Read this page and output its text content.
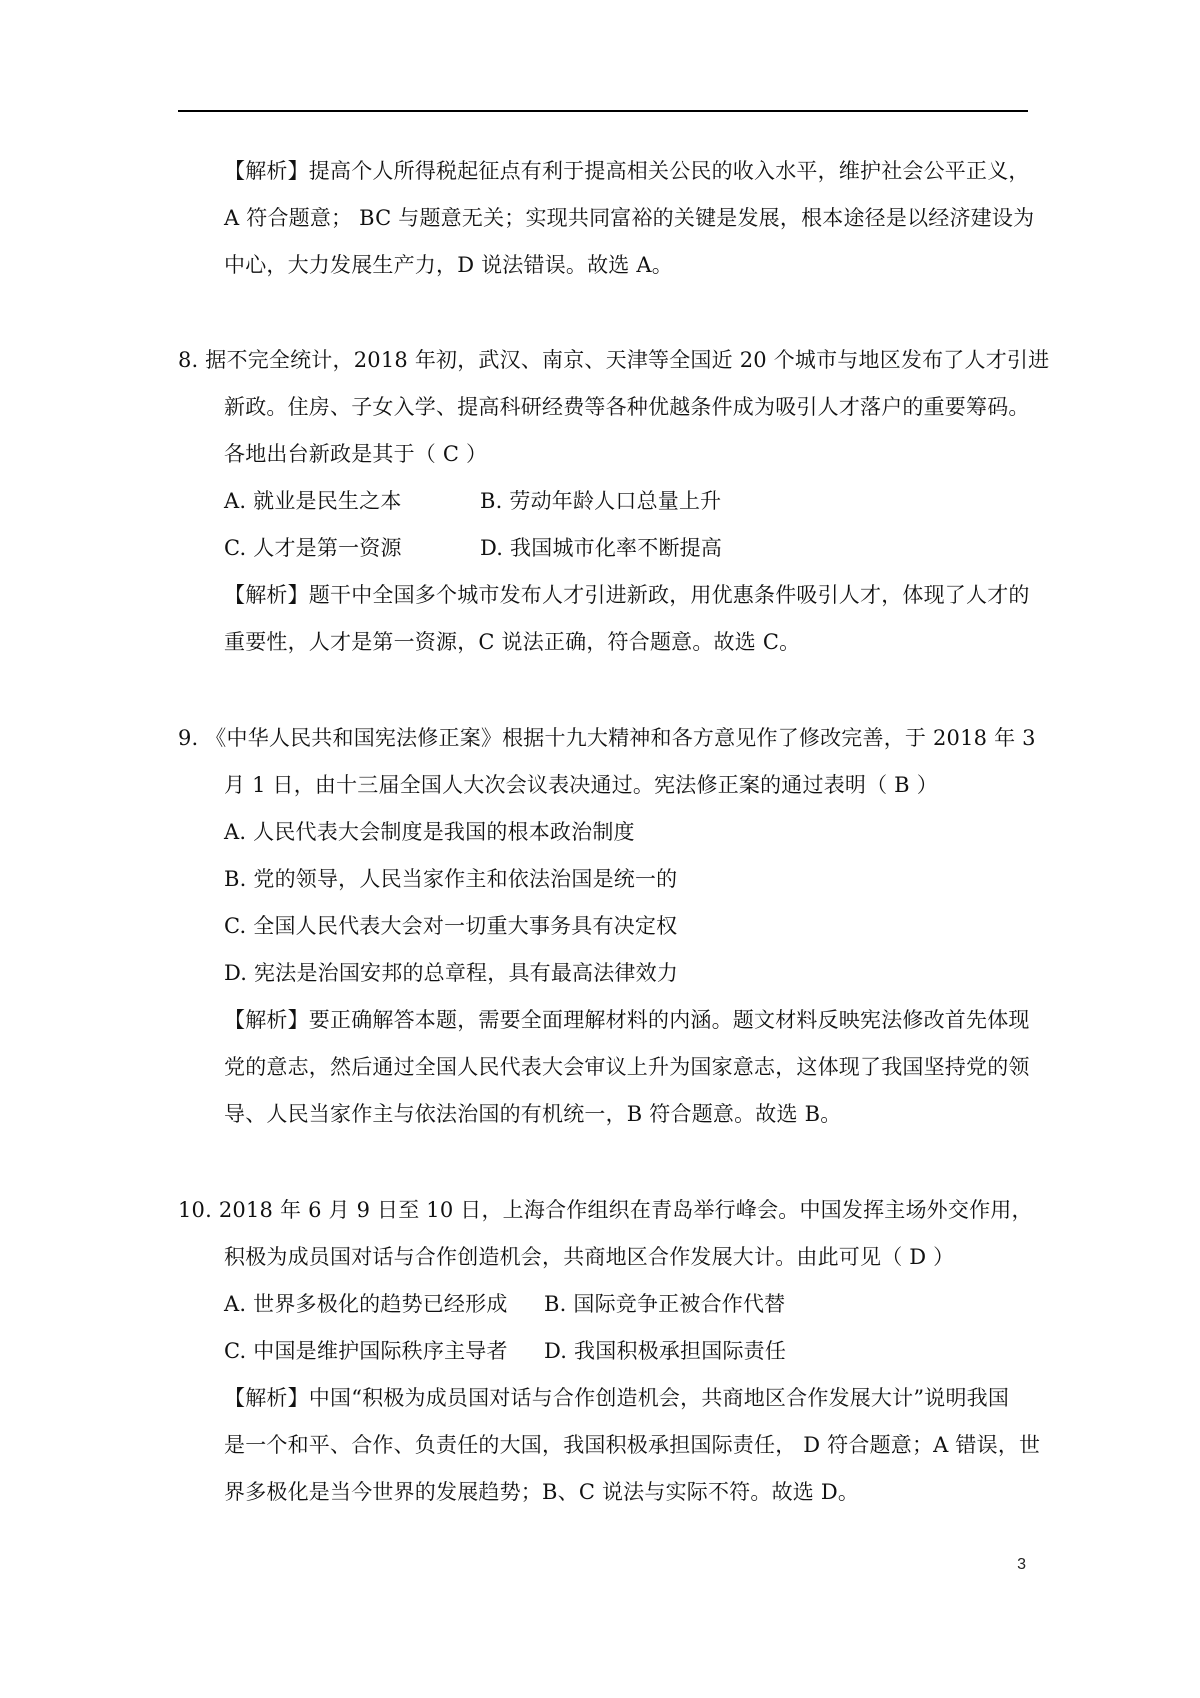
【解析】提高个人所得税起征点有利于提高相关公民的收入水平，维护社会公平正义，
A 符合题意； BC 与题意无关；实现共同富裕的关键是发展，根本途径是以经济建设为
中心，大力发展生产力，D 说法错误。故选 A。
8. 据不完全统计，2018 年初，武汉、南京、天津等全国近 20 个城市与地区发布了人才引进
新政。住房、子女入学、提高科研经费等各种优越条件成为吸引人才落户的重要筹码。
各地出台新政是其于（ C ）
A. 就业是民生之本	B. 劳动年龄人口总量上升
C. 人才是第一资源	D. 我国城市化率不断提高
【解析】题干中全国多个城市发布人才引进新政，用优惠条件吸引人才，体现了人才的
重要性，人才是第一资源，C 说法正确，符合题意。故选 C。
9. 《中华人民共和国宪法修正案》根据十九大精神和各方意见作了修改完善，于 2018 年 3
月 1 日，由十三届全国人大次会议表决通过。宪法修正案的通过表明（ B ）
A. 人民代表大会制度是我国的根本政治制度
B. 党的领导，人民当家作主和依法治国是统一的
C. 全国人民代表大会对一切重大事务具有决定权
D. 宪法是治国安邦的总章程，具有最高法律效力
【解析】要正确解答本题，需要全面理解材料的内涵。题文材料反映宪法修改首先体现
党的意志，然后通过全国人民代表大会审议上升为国家意志，这体现了我国坚持党的领
导、人民当家作主与依法治国的有机统一，B 符合题意。故选 B。
10. 2018 年 6 月 9 日至 10 日，上海合作组织在青岛举行峰会。中国发挥主场外交作用，
积极为成员国对话与合作创造机会，共商地区合作发展大计。由此可见（ D ）
A. 世界多极化的趋势已经形成 B. 国际竞争正被合作代替
C. 中国是维护国际秩序主导者 D. 我国积极承担国际责任
【解析】中国“积极为成员国对话与合作创造机会，共商地区合作发展大计”说明我国
是一个和平、合作、负责任的大国，我国积极承担国际责任， D 符合题意；A 错误，世
界多极化是当今世界的发展趋势；B、C 说法与实际不符。故选 D。
3
